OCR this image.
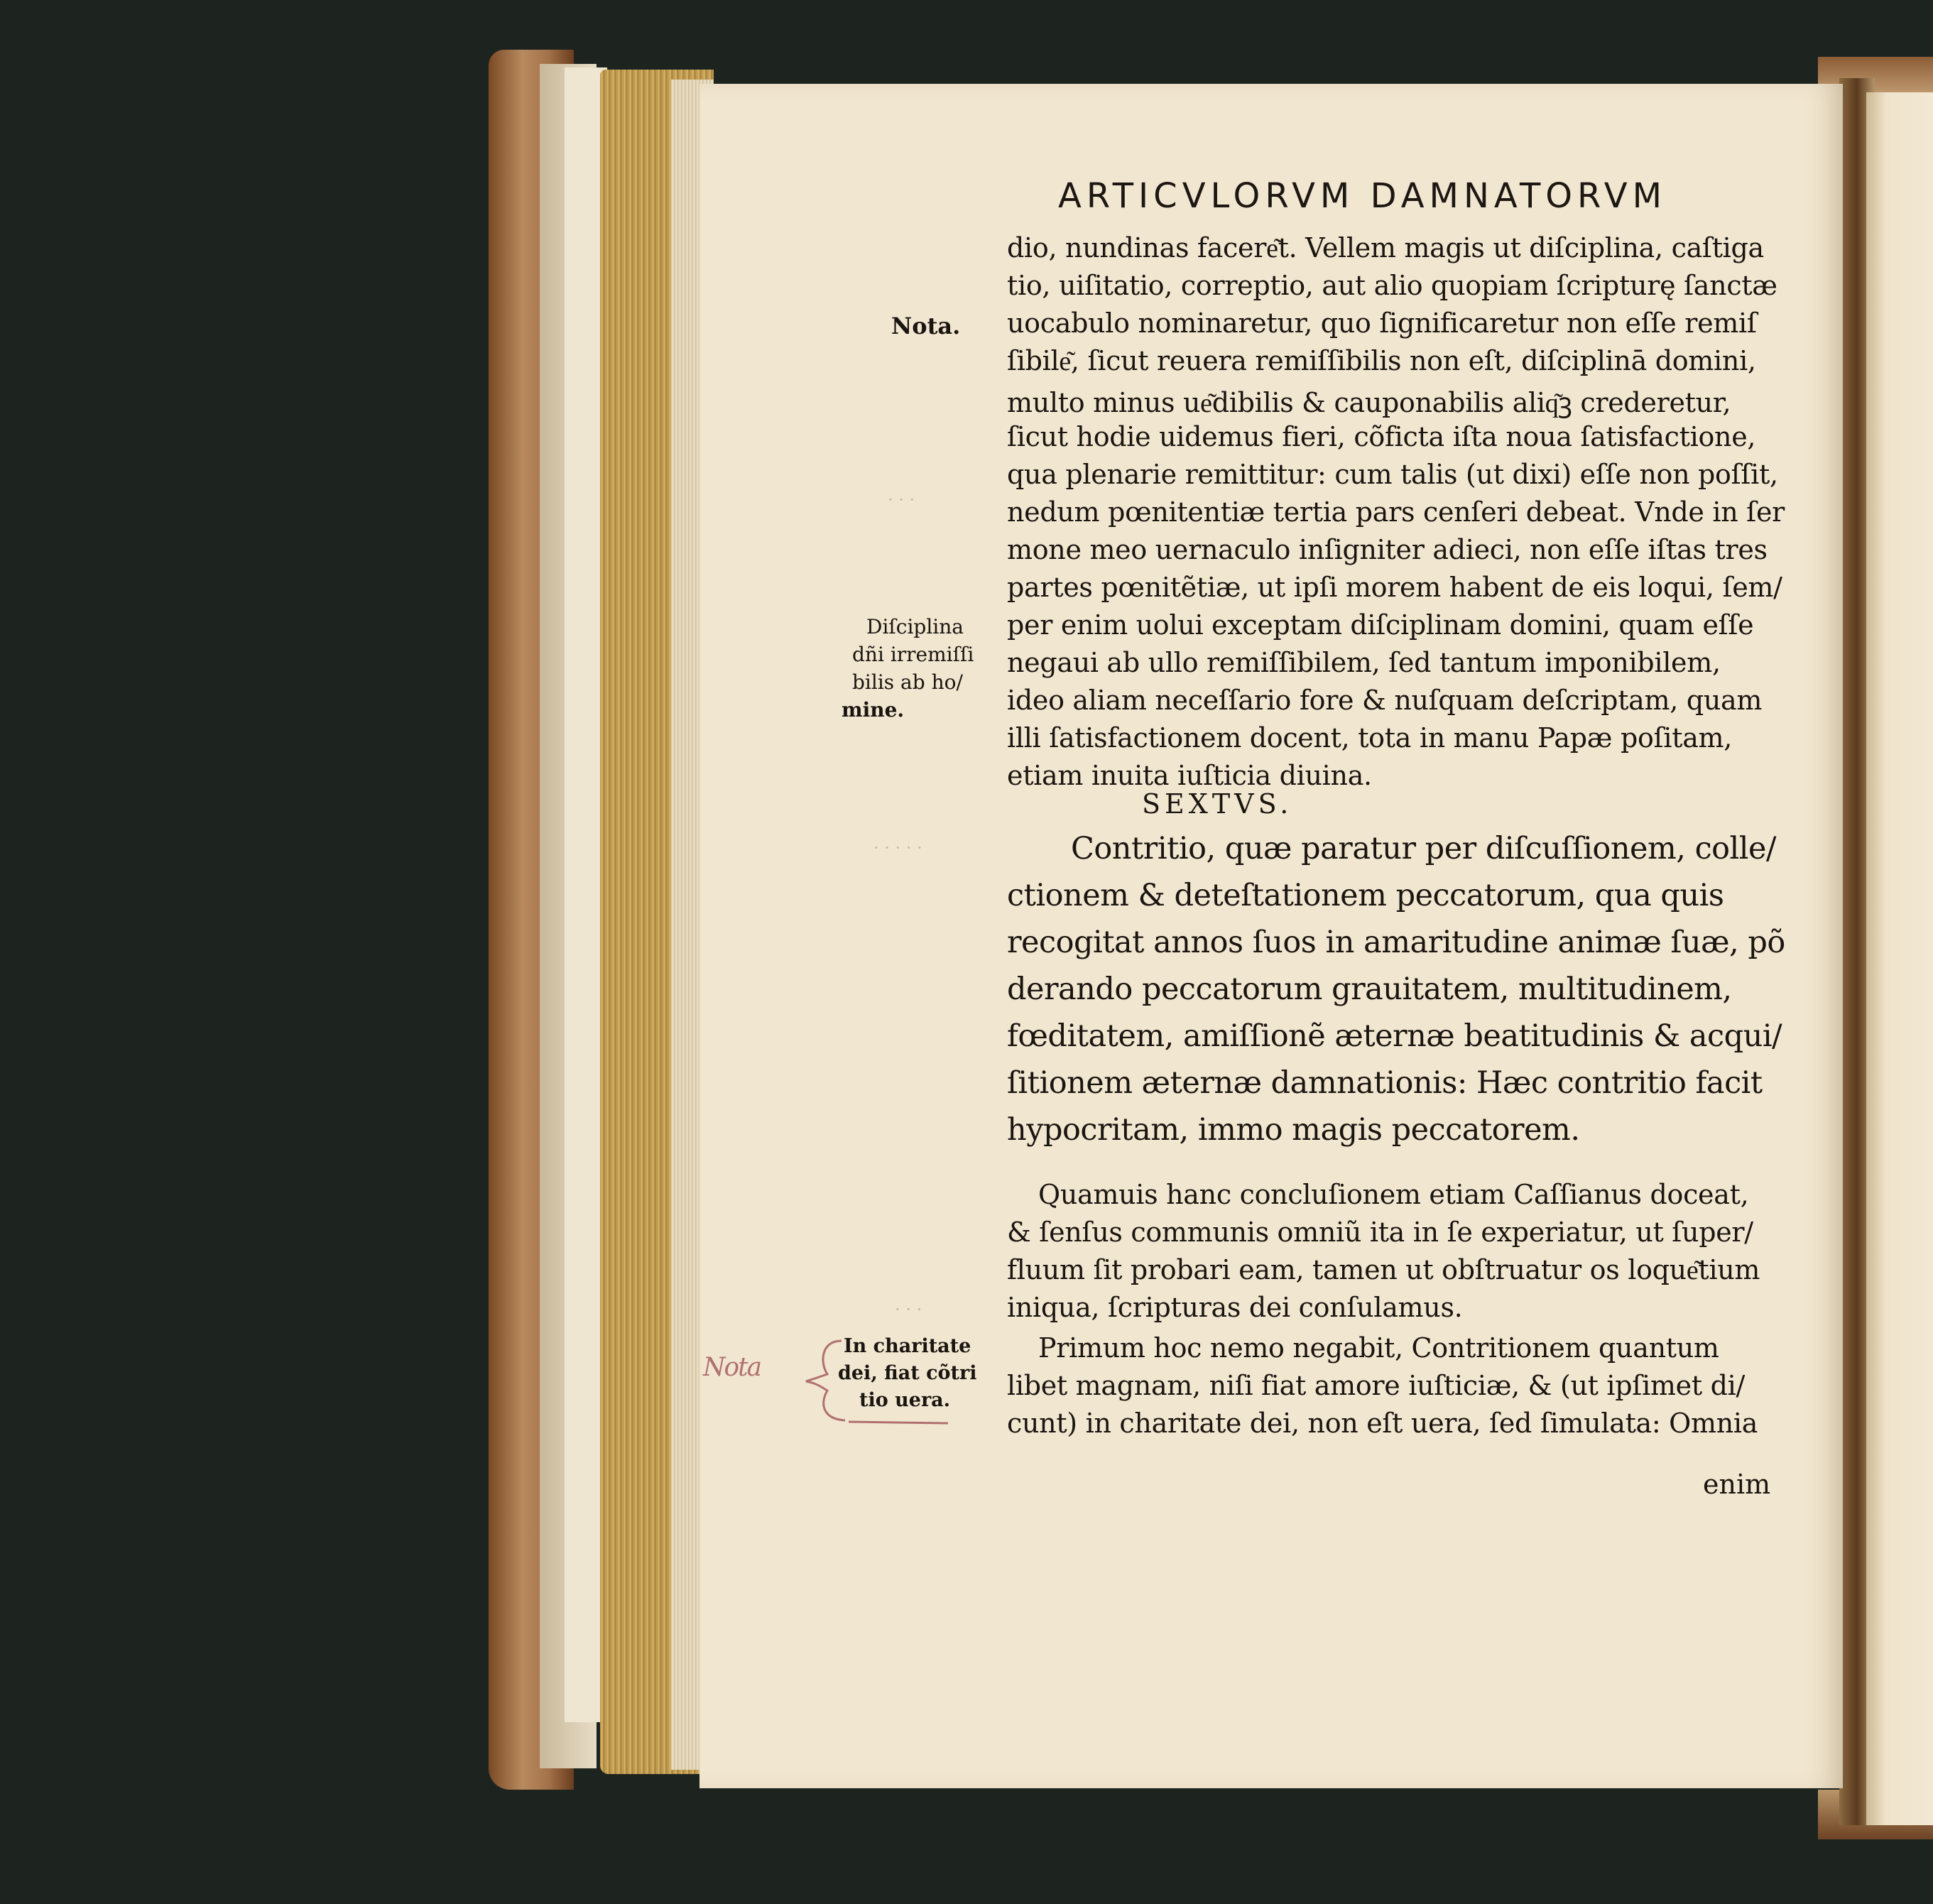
· · ·
· · · · ·
· · ·
ARTICVLORVM DAMNATORVM
dio, nundinas facere͂t. Vellem magis ut diſciplina, caſtiga
tio, uiſitatio, correptio, aut alio quopiam ſcripturę ſanctæ
uocabulo nominaretur, quo ſignificaretur non eſſe remiſ
ſibile͂, ſicut reuera remiſſibilis non eſt, diſciplinā domini,
multo minus ue͂dibilis & cauponabilis aliq͂ꝫ crederetur,
ſicut hodie uidemus fieri, cõficta iſta noua ſatisfactione,
qua plenarie remittitur: cum talis (ut dixi) eſſe non poſſit,
nedum pœnitentiæ tertia pars cenſeri debeat. Vnde in ſer
mone meo uernaculo inſigniter adieci, non eſſe iſtas tres
partes pœnitẽtiæ, ut ipſi morem habent de eis loqui, ſem/
per enim uolui exceptam diſciplinam domini, quam eſſe
negaui ab ullo remiſſibilem, ſed tantum imponibilem,
ideo aliam neceſſario fore & nuſquam deſcriptam, quam
illi ſatisfactionem docent, tota in manu Papæ poſitam,
etiam inuita iuſticia diuina.
SEXTVS.
Contritio, quæ paratur per diſcuſſionem, colle/
ctionem & deteſtationem peccatorum, qua quis
recogitat annos ſuos in amaritudine animæ ſuæ, põ
derando peccatorum grauitatem, multitudinem,
fœditatem, amiſſionẽ æternæ beatitudinis & acqui/
ſitionem æternæ damnationis: Hæc contritio facit
hypocritam, immo magis peccatorem.
Quamuis hanc concluſionem etiam Caſſianus doceat,
& ſenſus communis omniũ ita in ſe experiatur, ut ſuper/
fluum ſit probari eam, tamen ut obſtruatur os loque͂tium
iniqua, ſcripturas dei conſulamus.
Primum hoc nemo negabit, Contritionem quantum
libet magnam, niſi fiat amore iuſticiæ, & (ut ipſimet di/
cunt) in charitate dei, non eſt uera, ſed ſimulata: Omnia
enim
Nota.
Diſciplina
dñi irremiſſi
bilis ab ho/
mine.
In charitate
dei, fiat cõtri
tio uera.
Nota
